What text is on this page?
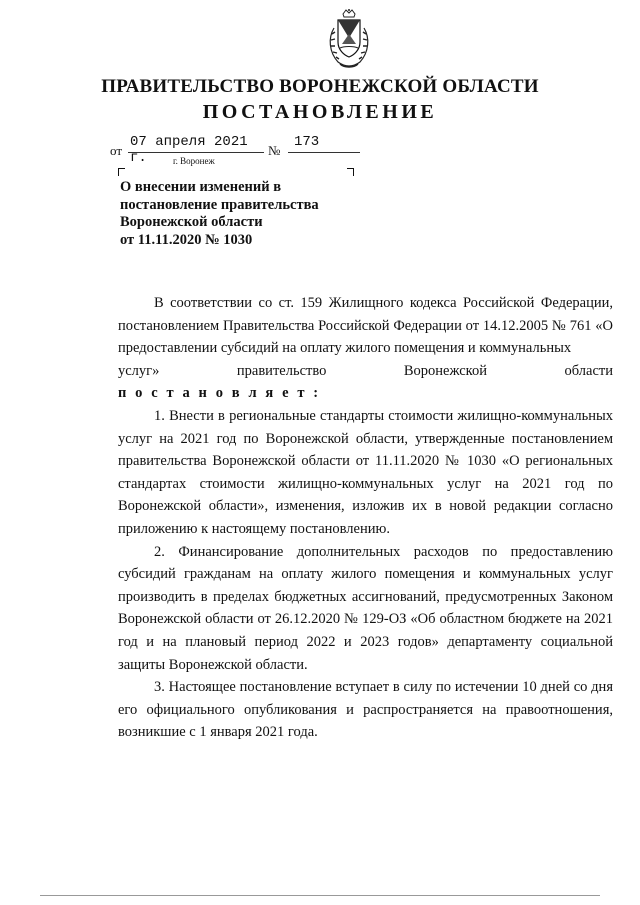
ПРАВИТЕЛЬСТВО ВОРОНЕЖСКОЙ ОБЛАСТИ
ПОСТАНОВЛЕНИЕ
от
07 апреля 2021 г.	№
173
г. Воронеж
О внесении изменений в
постановление правительства
Воронежской области
от 11.11.2020 № 1030

В соответствии со ст. 159 Жилищного кодекса Российской Федерации, постановлением Правительства Российской Федерации от 14.12.2005 № 761 «О предоставлении субсидий на оплату жилого помещения и коммунальных

услуг» правительство Воронежской области

п о с т а н о в л я е т :

1. Внести в региональные стандарты стоимости жилищно-коммунальных услуг на 2021 год по Воронежской области, утвержденные постановлением правительства Воронежской области от 11.11.2020 № 1030 «О региональных стандартах стоимости жилищно-коммунальных услуг на 2021 год по Воронежской области», изменения, изложив их в новой редакции согласно приложению к настоящему постановлению.

2. Финансирование дополнительных расходов по предоставлению субсидий гражданам на оплату жилого помещения и коммунальных услуг производить в пределах бюджетных ассигнований, предусмотренных Законом Воронежской области от 26.12.2020 № 129-ОЗ «Об областном бюджете на 2021 год и на плановый период 2022 и 2023 годов» департаменту социальной защиты Воронежской области.

3. Настоящее постановление вступает в силу по истечении 10 дней со дня его официального опубликования и распространяется на правоотношения, возникшие с 1 января 2021 года.
